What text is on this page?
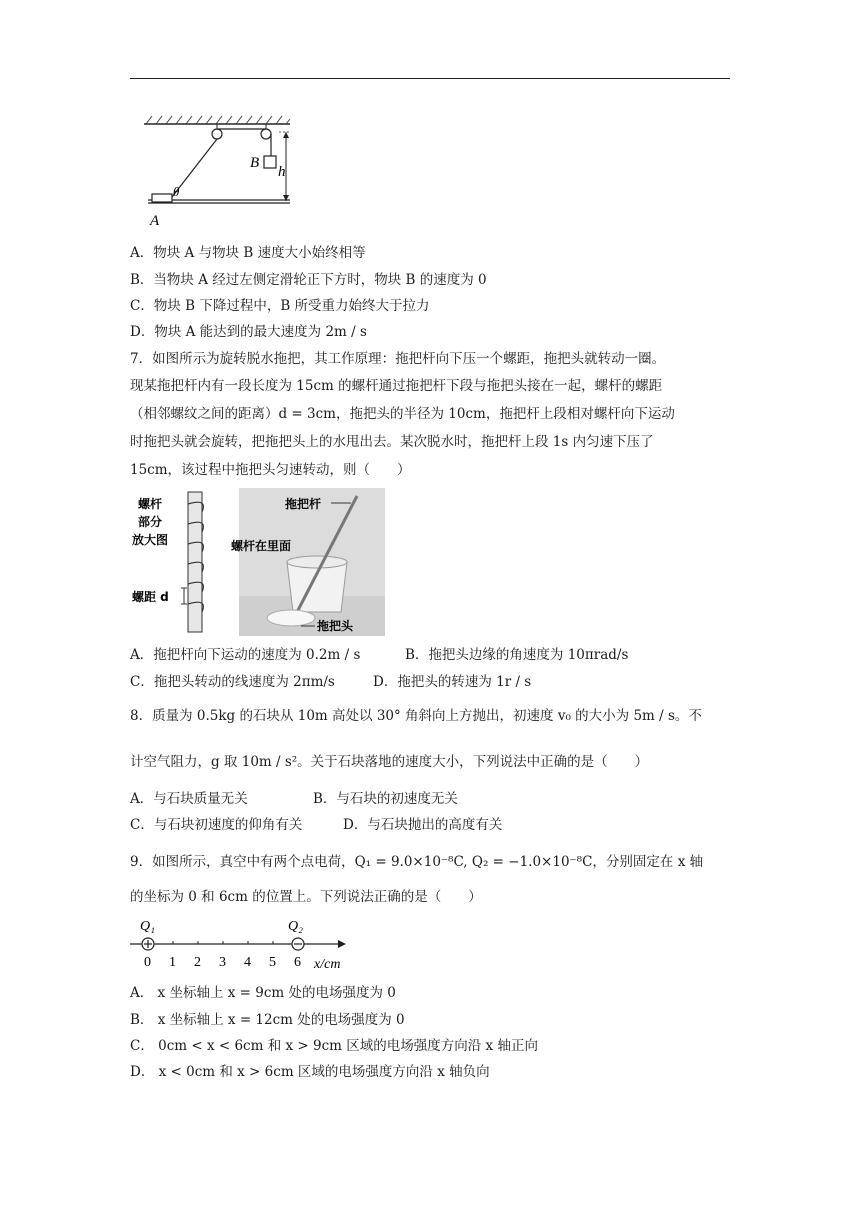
θ
B
h
A
A．物块 A 与物块 B 速度大小始终相等
B．当物块 A 经过左侧定滑轮正下方时，物块 B 的速度为 0
C．物块 B 下降过程中，B 所受重力始终大于拉力
D．物块 A 能达到的最大速度为 2m / s
7．如图所示为旋转脱水拖把，其工作原理：拖把杆向下压一个螺距，拖把头就转动一圈。
现某拖把杆内有一段长度为 15cm 的螺杆通过拖把杆下段与拖把头接在一起，螺杆的螺距
（相邻螺纹之间的距离）d = 3cm，拖把头的半径为 10cm，拖把杆上段相对螺杆向下运动
时拖把头就会旋转，把拖把头上的水甩出去。某次脱水时，拖把杆上段 1s 内匀速下压了
15cm，该过程中拖把头匀速转动，则（　　）
螺杆
部分
放大图
螺距 d
拖把杆
螺杆在里面
拖把头
A．拖把杆向下运动的速度为 0.2m / s	B．拖把头边缘的角速度为 10πrad/s
C．拖把头转动的线速度为 2πm/s	D．拖把头的转速为 1r / s
8．质量为 0.5kg 的石块从 10m 高处以 30° 角斜向上方抛出，初速度 v₀ 的大小为 5m / s。不
计空气阻力，g 取 10m / s²。关于石块落地的速度大小，下列说法中正确的是（　　）
A．与石块质量无关	B．与石块的初速度无关
C．与石块初速度的仰角有关	D．与石块抛出的高度有关
9．如图所示，真空中有两个点电荷，Q₁ = 9.0×10⁻⁸C, Q₂ = −1.0×10⁻⁸C，分别固定在 x 轴
的坐标为 0 和 6cm 的位置上。下列说法正确的是（　　）
0 1 2 3 4 5 6
Q₁	Q₂
x/cm
A． x 坐标轴上 x = 9cm 处的电场强度为 0
B． x 坐标轴上 x = 12cm 处的电场强度为 0
C． 0cm < x < 6cm 和 x > 9cm 区域的电场强度方向沿 x 轴正向
D． x < 0cm 和 x > 6cm 区域的电场强度方向沿 x 轴负向
